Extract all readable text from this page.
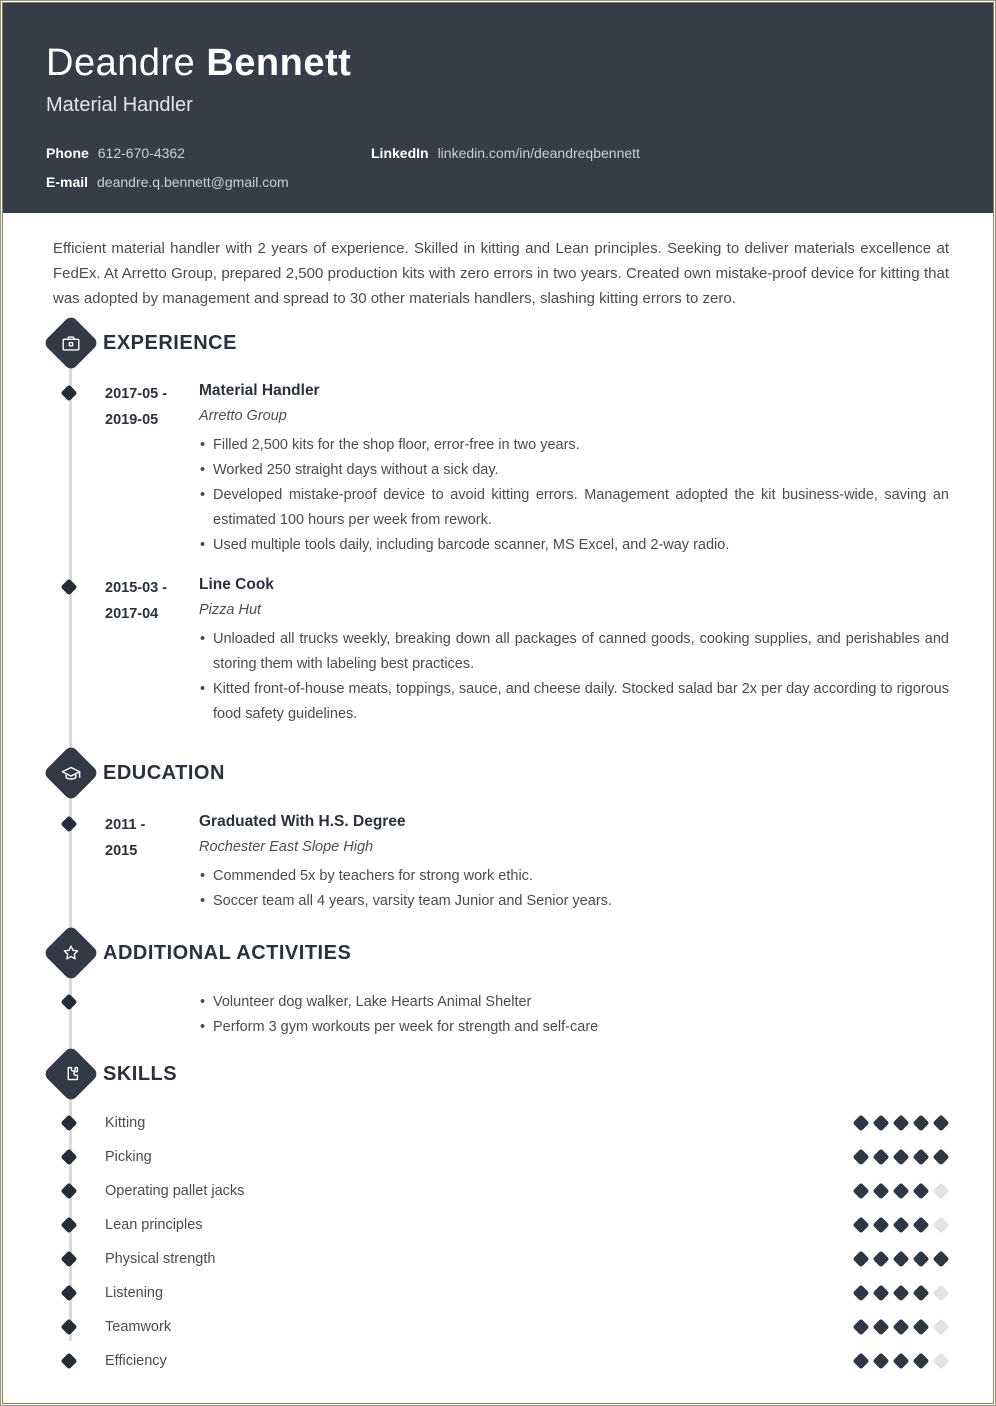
Deandre Bennett
Material Handler
Phone 612-670-4362	LinkedIn linkedin.com/in/deandreqbennett
E-mail deandre.q.bennett@gmail.com
Efficient material handler with 2 years of experience. Skilled in kitting and Lean principles. Seeking to deliver materials excellence at FedEx. At Arretto Group, prepared 2,500 production kits with zero errors in two years. Created own mistake-proof device for kitting that was adopted by management and spread to 30 other materials handlers, slashing kitting errors to zero.
EXPERIENCE
2017-05 -
2019-05
Material Handler
Arretto Group
• Filled 2,500 kits for the shop floor, error-free in two years.
• Worked 250 straight days without a sick day.
• Developed mistake-proof device to avoid kitting errors. Management adopted the kit business-wide, saving an estimated 100 hours per week from rework.
• Used multiple tools daily, including barcode scanner, MS Excel, and 2-way radio.
2015-03 -
2017-04
Line Cook
Pizza Hut
• Unloaded all trucks weekly, breaking down all packages of canned goods, cooking supplies, and perishables and storing them with labeling best practices.
• Kitted front-of-house meats, toppings, sauce, and cheese daily. Stocked salad bar 2x per day according to rigorous food safety guidelines.
EDUCATION
2011 -
2015
Graduated With H.S. Degree
Rochester East Slope High
• Commended 5x by teachers for strong work ethic.
• Soccer team all 4 years, varsity team Junior and Senior years.
ADDITIONAL ACTIVITIES
• Volunteer dog walker, Lake Hearts Animal Shelter
• Perform 3 gym workouts per week for strength and self-care
SKILLS
Kitting
Picking
Operating pallet jacks
Lean principles
Physical strength
Listening
Teamwork
Efficiency
